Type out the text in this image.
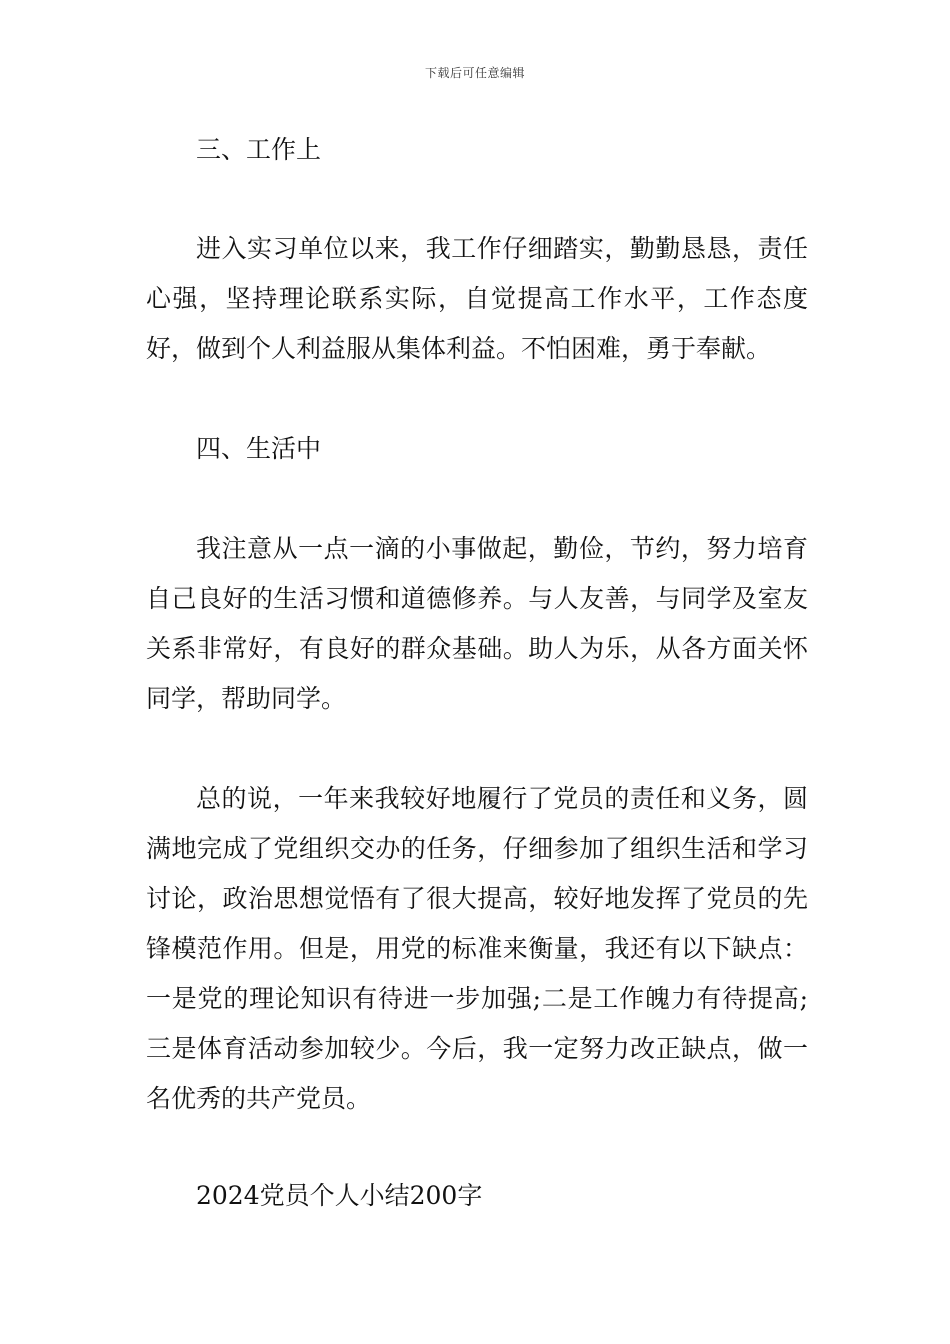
下载后可任意编辑
三、工作上
进入实习单位以来，我工作仔细踏实，勤勤恳恳，责任心强，坚持理论联系实际，自觉提高工作水平，工作态度好，做到个人利益服从集体利益。不怕困难，勇于奉献。
四、生活中
我注意从一点一滴的小事做起，勤俭，节约，努力培育自己良好的生活习惯和道德修养。与人友善，与同学及室友关系非常好，有良好的群众基础。助人为乐，从各方面关怀同学，帮助同学。
总的说，一年来我较好地履行了党员的责任和义务，圆满地完成了党组织交办的任务，仔细参加了组织生活和学习讨论，政治思想觉悟有了很大提高，较好地发挥了党员的先锋模范作用。但是，用党的标准来衡量，我还有以下缺点：一是党的理论知识有待进一步加强;二是工作魄力有待提高;三是体育活动参加较少。今后，我一定努力改正缺点，做一名优秀的共产党员。
2024党员个人小结200字
